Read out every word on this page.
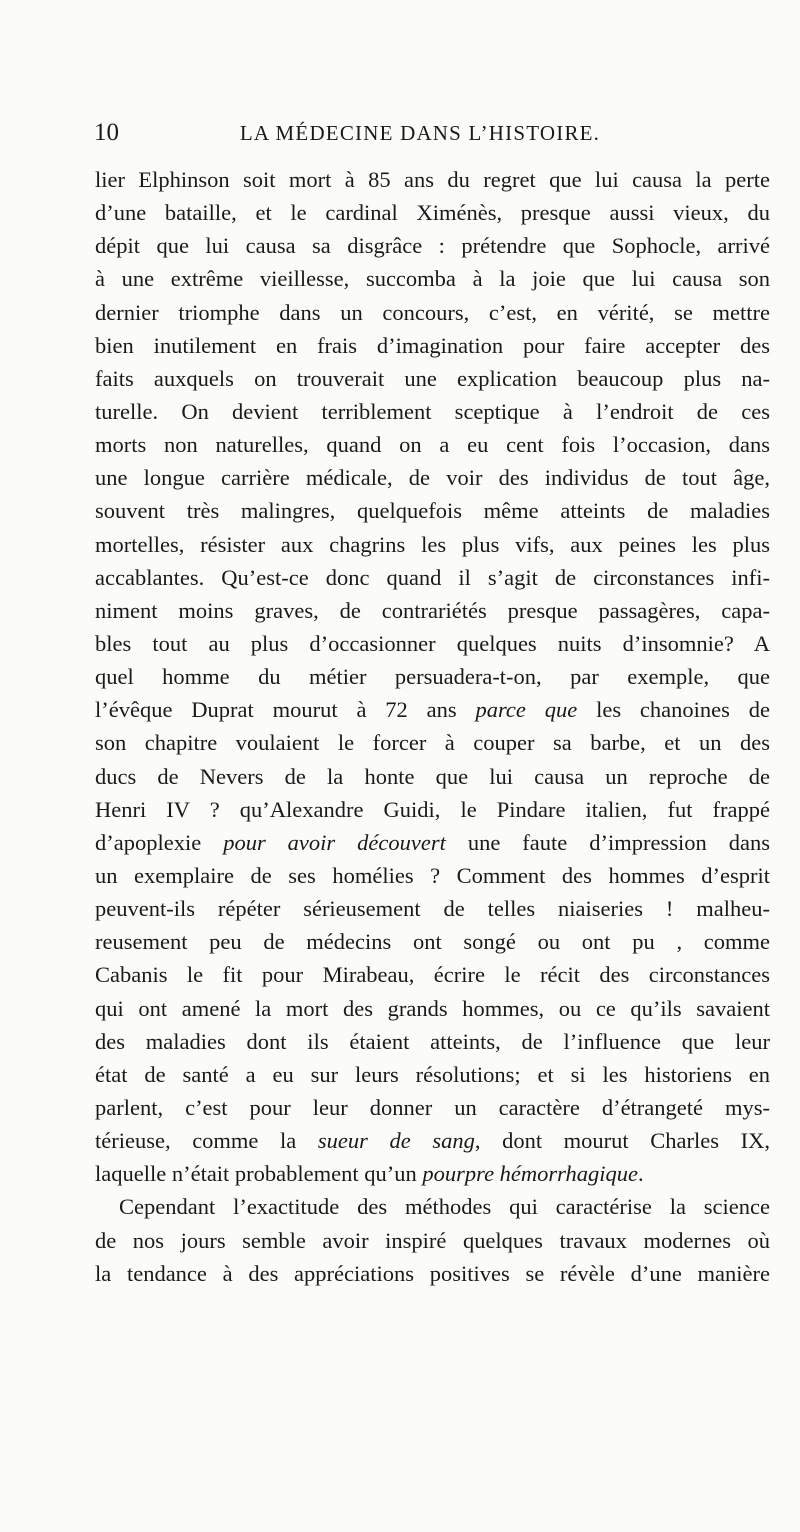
10	LA MÉDECINE DANS L’HISTOIRE.
lier Elphinson soit mort à 85 ans du regret que lui causa la perte
d’une bataille, et le cardinal Ximénès, presque aussi vieux, du
dépit que lui causa sa disgrâce : prétendre que Sophocle, arrivé
à une extrême vieillesse, succomba à la joie que lui causa son
dernier triomphe dans un concours, c’est, en vérité, se mettre
bien inutilement en frais d’imagination pour faire accepter des
faits auxquels on trouverait une explication beaucoup plus na-
turelle. On devient terriblement sceptique à l’endroit de ces
morts non naturelles, quand on a eu cent fois l’occasion, dans
une longue carrière médicale, de voir des individus de tout âge,
souvent très malingres, quelquefois même atteints de maladies
mortelles, résister aux chagrins les plus vifs, aux peines les plus
accablantes. Qu’est-ce donc quand il s’agit de circonstances infi-
niment moins graves, de contrariétés presque passagères, capa-
bles tout au plus d’occasionner quelques nuits d’insomnie? A
quel homme du métier persuadera-t-on, par exemple, que
l’évêque Duprat mourut à 72 ans parce que les chanoines de
son chapitre voulaient le forcer à couper sa barbe, et un des
ducs de Nevers de la honte que lui causa un reproche de
Henri IV ? qu’Alexandre Guidi, le Pindare italien, fut frappé
d’apoplexie pour avoir découvert une faute d’impression dans
un exemplaire de ses homélies ? Comment des hommes d’esprit
peuvent-ils répéter sérieusement de telles niaiseries ! malheu-
reusement peu de médecins ont songé ou ont pu , comme
Cabanis le fit pour Mirabeau, écrire le récit des circonstances
qui ont amené la mort des grands hommes, ou ce qu’ils savaient
des maladies dont ils étaient atteints, de l’influence que leur
état de santé a eu sur leurs résolutions; et si les historiens en
parlent, c’est pour leur donner un caractère d’étrangeté mys-
térieuse, comme la sueur de sang, dont mourut Charles IX,
laquelle n’était probablement qu’un pourpre hémorrhagique.
Cependant l’exactitude des méthodes qui caractérise la science
de nos jours semble avoir inspiré quelques travaux modernes où
la tendance à des appréciations positives se révèle d’une manière
